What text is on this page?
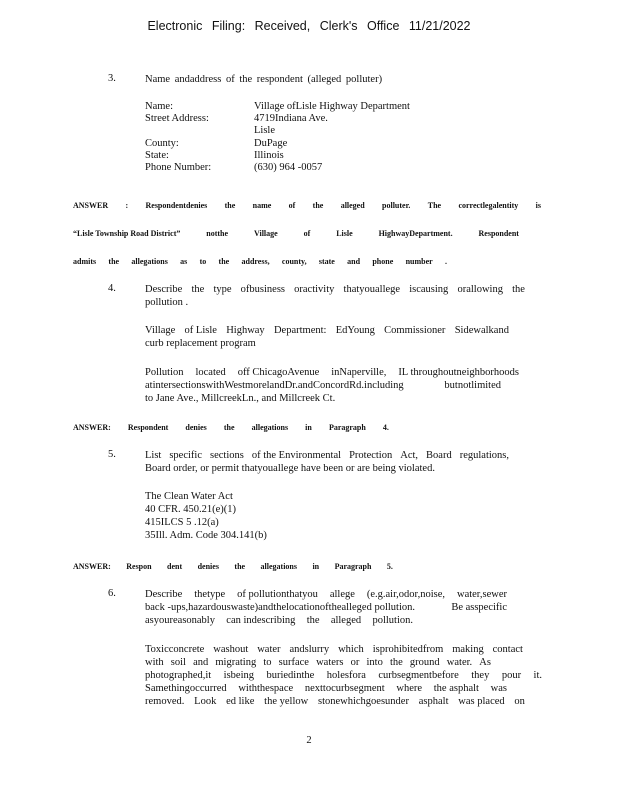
Electronic Filing: Received, Clerk's Office 11/21/2022
3.	Name andaddress of the respondent (alleged polluter)
Name:	Village ofLisle Highway Department
Street Address:	4719Indiana Ave.
Lisle
County:	DuPage
State:	Illinois
Phone Number:	(630) 964 -0057
ANSWER : Respondentdenies the name of the alleged polluter. The correctlegalentity is
“Lisle Township Road District”	notthe	Village	of	Lisle	HighwayDepartment.	Respondent
admits the allegations as to the address, county, state and phone number .
4.	Describe the type ofbusiness oractivity thatyouallege iscausing orallowing the
pollution .
Village of Lisle Highway Department: EdYoung Commissioner Sidewalkand
curb replacement program
Pollution located off ChicagoAvenue inNaperville, IL throughoutneighborhoods
atintersectionswithWestmorelandDr.andConcordRd.including	butnotlimited
to Jane Ave., MillcreekLn., and Millcreek Ct.
ANSWER: Respondent denies the allegations in Paragraph 4.
5.	List specific sections of the Environmental Protection Act, Board regulations,
Board order, or permit thatyouallege have been or are being violated.
The Clean Water Act
40 CFR. 450.21(e)(1)
415ILCS 5 .12(a)
35Ill. Adm. Code 304.141(b)
ANSWER: Respon dent denies the allegations in Paragraph 5.
6.	Describe thetype of pollutionthatyou allege (e.g.air,odor,noise, water,sewer
back -ups,hazardouswaste)andthelocationofthealleged pollution.	Be asspecific
asyoureasonably can indescribing the alleged pollution.
Toxicconcrete washout water andslurry which isprohibitedfrom making contact
with soil and migrating to surface waters or into the ground water. As
photographed,it isbeing buriedinthe holesfora curbsegmentbefore they pour it.
Samethingoccurred withthespace nexttocurbsegment where the asphalt was
removed. Look ed like the yellow stonewhichgoesunder asphalt was placed on
2
